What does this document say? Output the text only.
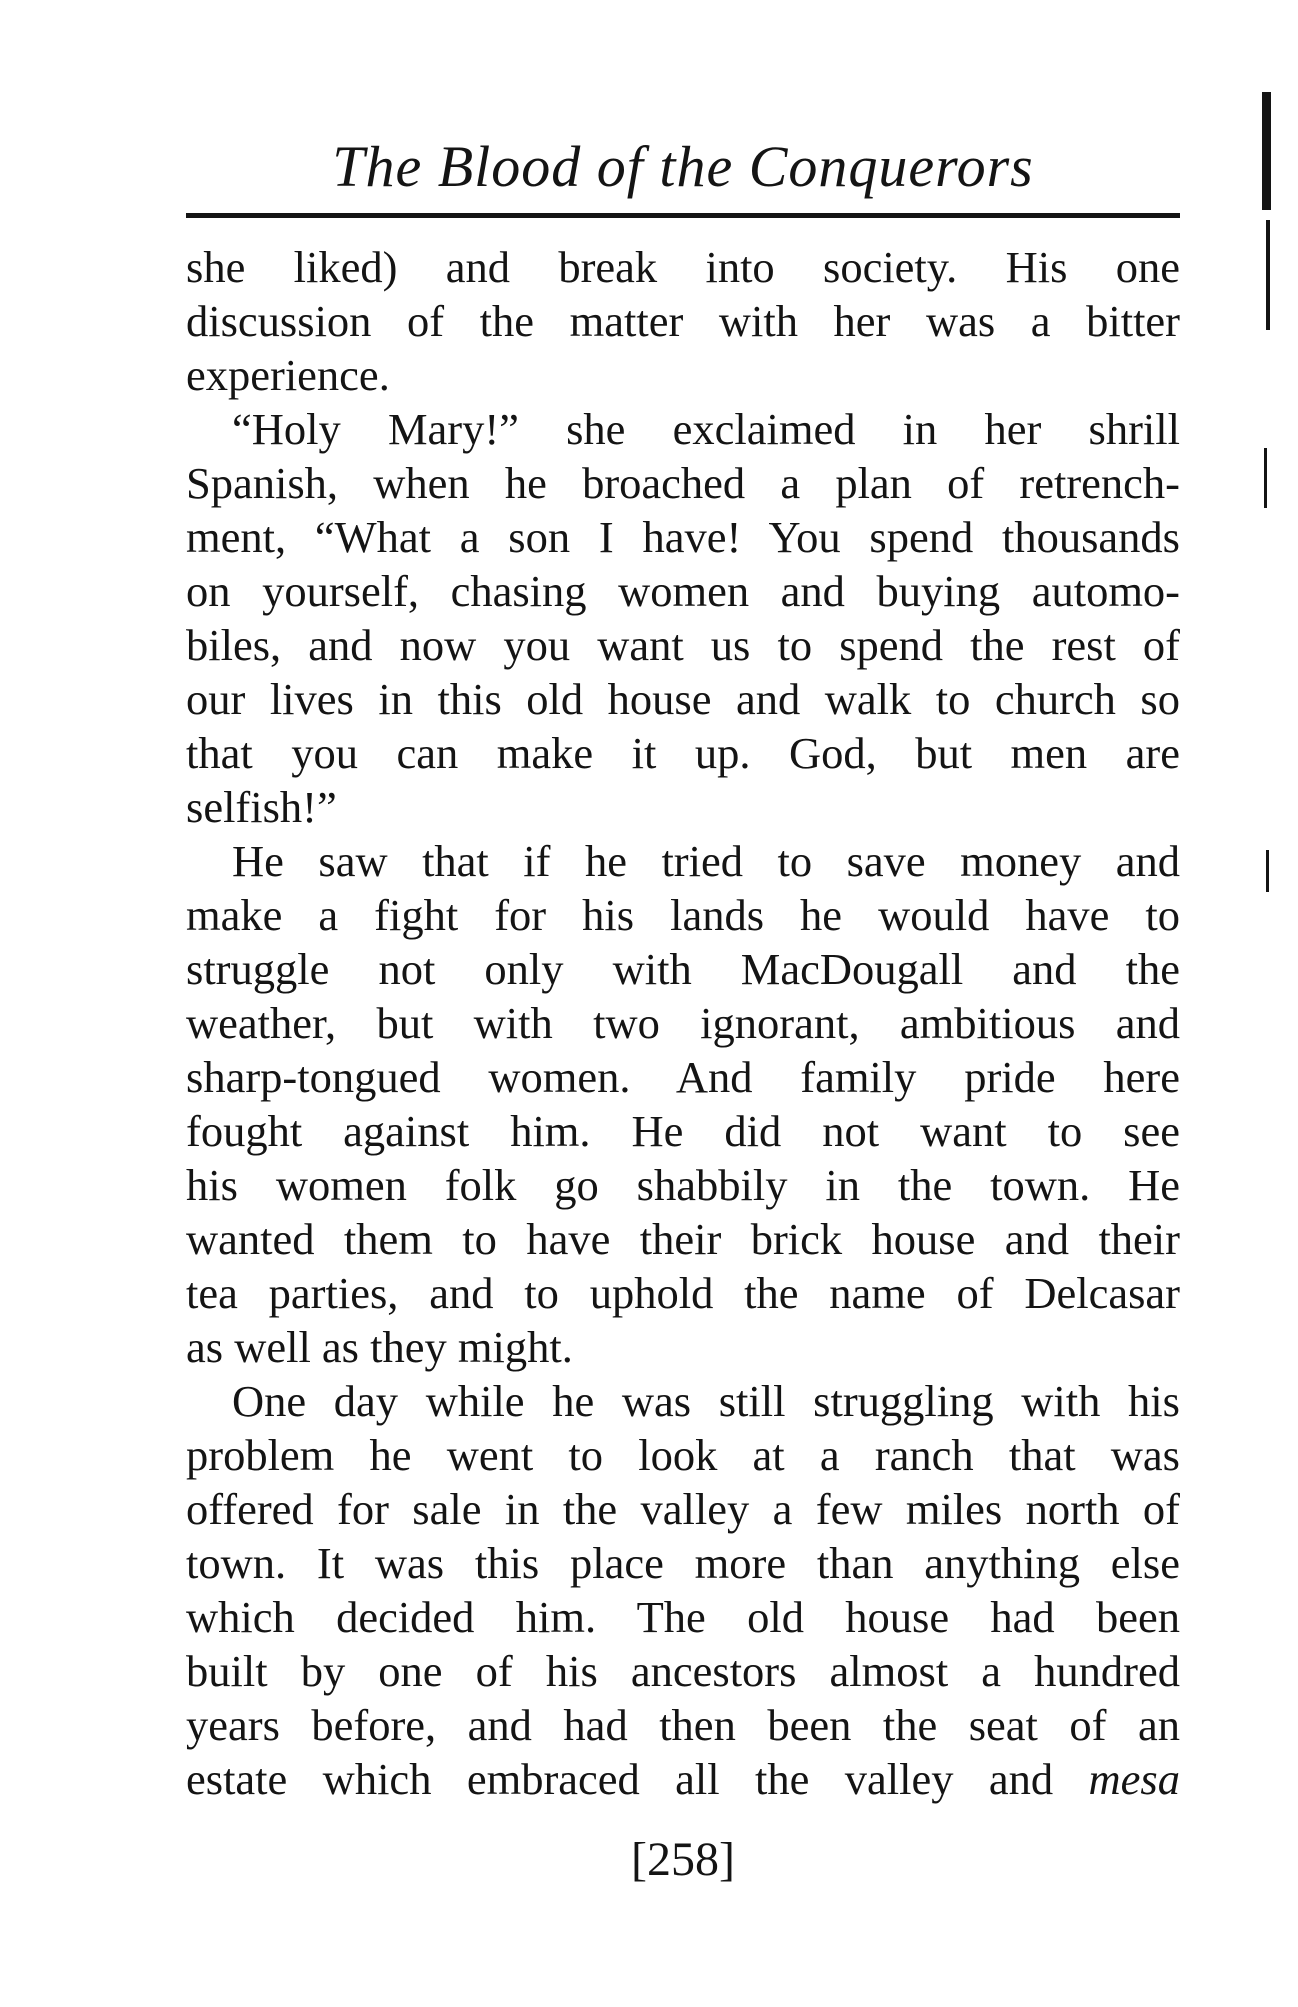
The Blood of the Conquerors
she liked) and break into society. His one
discussion of the matter with her was a bitter
experience.
“Holy Mary!” she exclaimed in her shrill
Spanish, when he broached a plan of retrench-
ment, “What a son I have! You spend thousands
on yourself, chasing women and buying automo-
biles, and now you want us to spend the rest of
our lives in this old house and walk to church so
that you can make it up. God, but men are
selfish!”
He saw that if he tried to save money and
make a fight for his lands he would have to
struggle not only with MacDougall and the
weather, but with two ignorant, ambitious and
sharp-tongued women. And family pride here
fought against him. He did not want to see
his women folk go shabbily in the town. He
wanted them to have their brick house and their
tea parties, and to uphold the name of Delcasar
as well as they might.
One day while he was still struggling with his
problem he went to look at a ranch that was
offered for sale in the valley a few miles north of
town. It was this place more than anything else
which decided him. The old house had been
built by one of his ancestors almost a hundred
years before, and had then been the seat of an
estate which embraced all the valley and mesa
[258]
